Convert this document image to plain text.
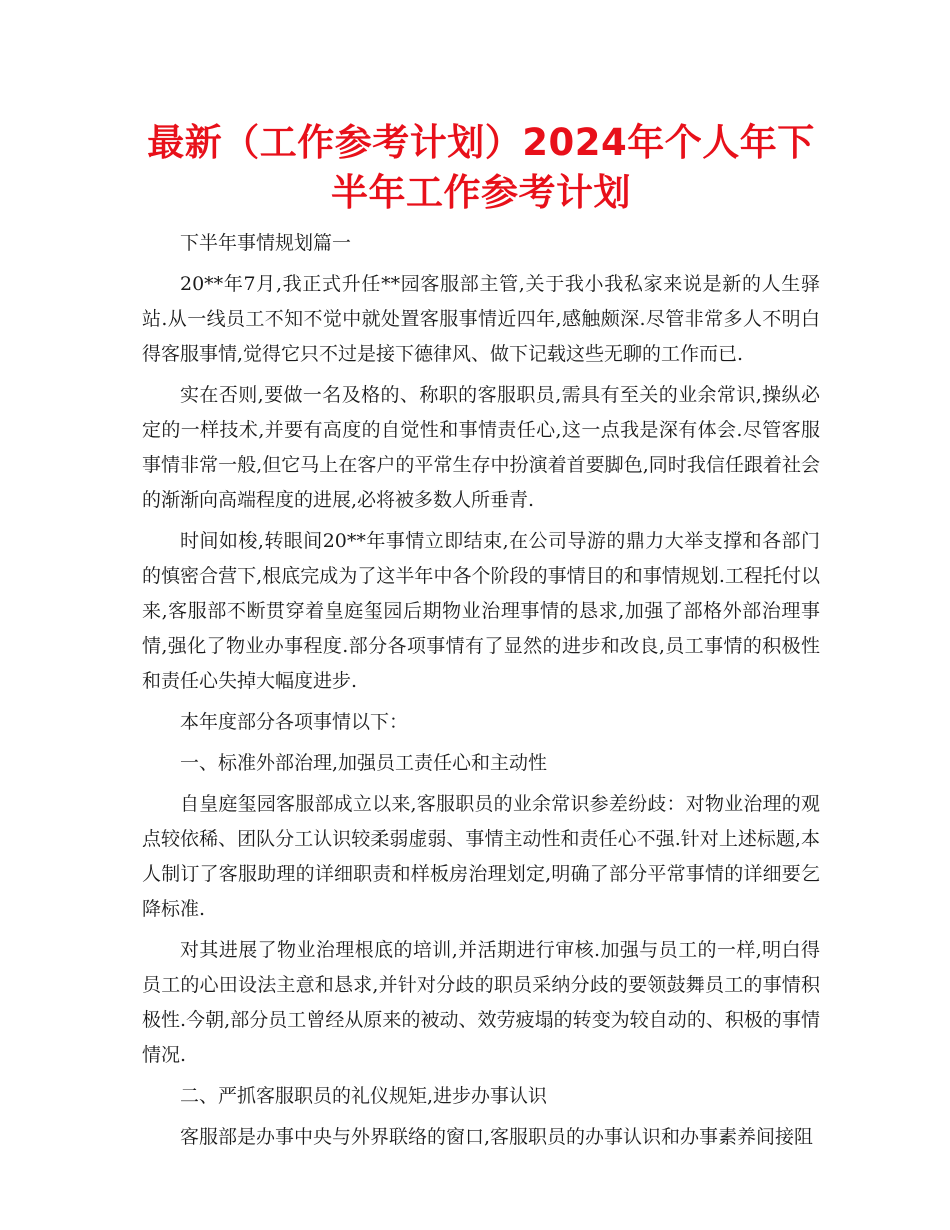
最新（工作参考计划）2024年个人年下半年工作参考计划

下半年事情规划篇一

20**年7月,我正式升任**园客服部主管,关于我小我私家来说是新的人生驿站.从一线员工不知不觉中就处置客服事情近四年,感触颇深.尽管非常多人不明白得客服事情,觉得它只不过是接下德律风、做下记载这些无聊的工作而已.

实在否则,要做一名及格的、称职的客服职员,需具有至关的业余常识,操纵必定的一样技术,并要有高度的自觉性和事情责任心,这一点我是深有体会.尽管客服事情非常一般,但它马上在客户的平常生存中扮演着首要脚色,同时我信任跟着社会的渐渐向高端程度的进展,必将被多数人所垂青.

时间如梭,转眼间20**年事情立即结束,在公司导游的鼎力大举支撑和各部门的慎密合营下,根底完成为了这半年中各个阶段的事情目的和事情规划.工程托付以来,客服部不断贯穿着皇庭玺园后期物业治理事情的恳求,加强了部格外部治理事情,强化了物业办事程度.部分各项事情有了显然的进步和改良,员工事情的积极性和责任心失掉大幅度进步.

本年度部分各项事情以下：

一、标准外部治理,加强员工责任心和主动性

自皇庭玺园客服部成立以来,客服职员的业余常识参差纷歧：对物业治理的观点较依稀、团队分工认识较柔弱虚弱、事情主动性和责任心不强.针对上述标题,本人制订了客服助理的详细职责和样板房治理划定,明确了部分平常事情的详细要乞降标准.

对其进展了物业治理根底的培训,并活期进行审核.加强与员工的一样,明白得员工的心田设法主意和恳求,并针对分歧的职员采纳分歧的要领鼓舞员工的事情积极性.今朝,部分员工曾经从原来的被动、效劳疲塌的转变为较自动的、积极的事情情况.

二、严抓客服职员的礼仪规矩,进步办事认识

客服部是办事中央与外界联络的窗口,客服职员的办事认识和办事素养间接阻
